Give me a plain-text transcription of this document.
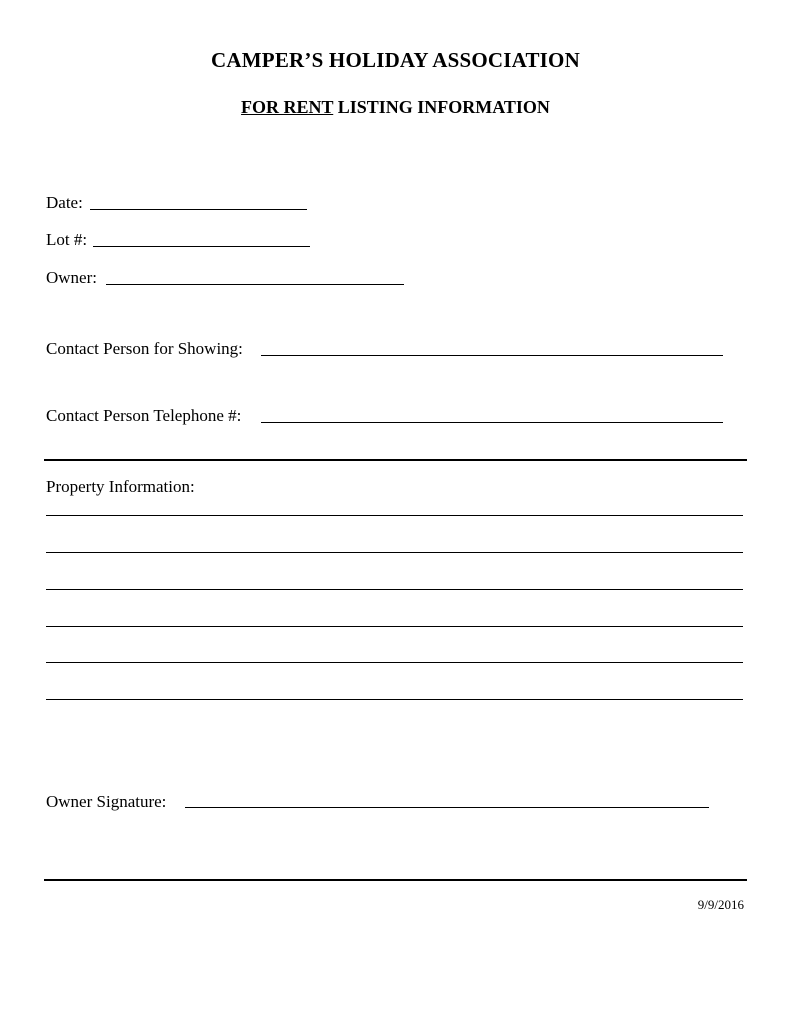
CAMPER’S HOLIDAY ASSOCIATION
FOR RENT LISTING INFORMATION
Date:
Lot #:
Owner:
Contact Person for Showing:
Contact Person Telephone #:
Property Information:
Owner Signature:
9/9/2016
